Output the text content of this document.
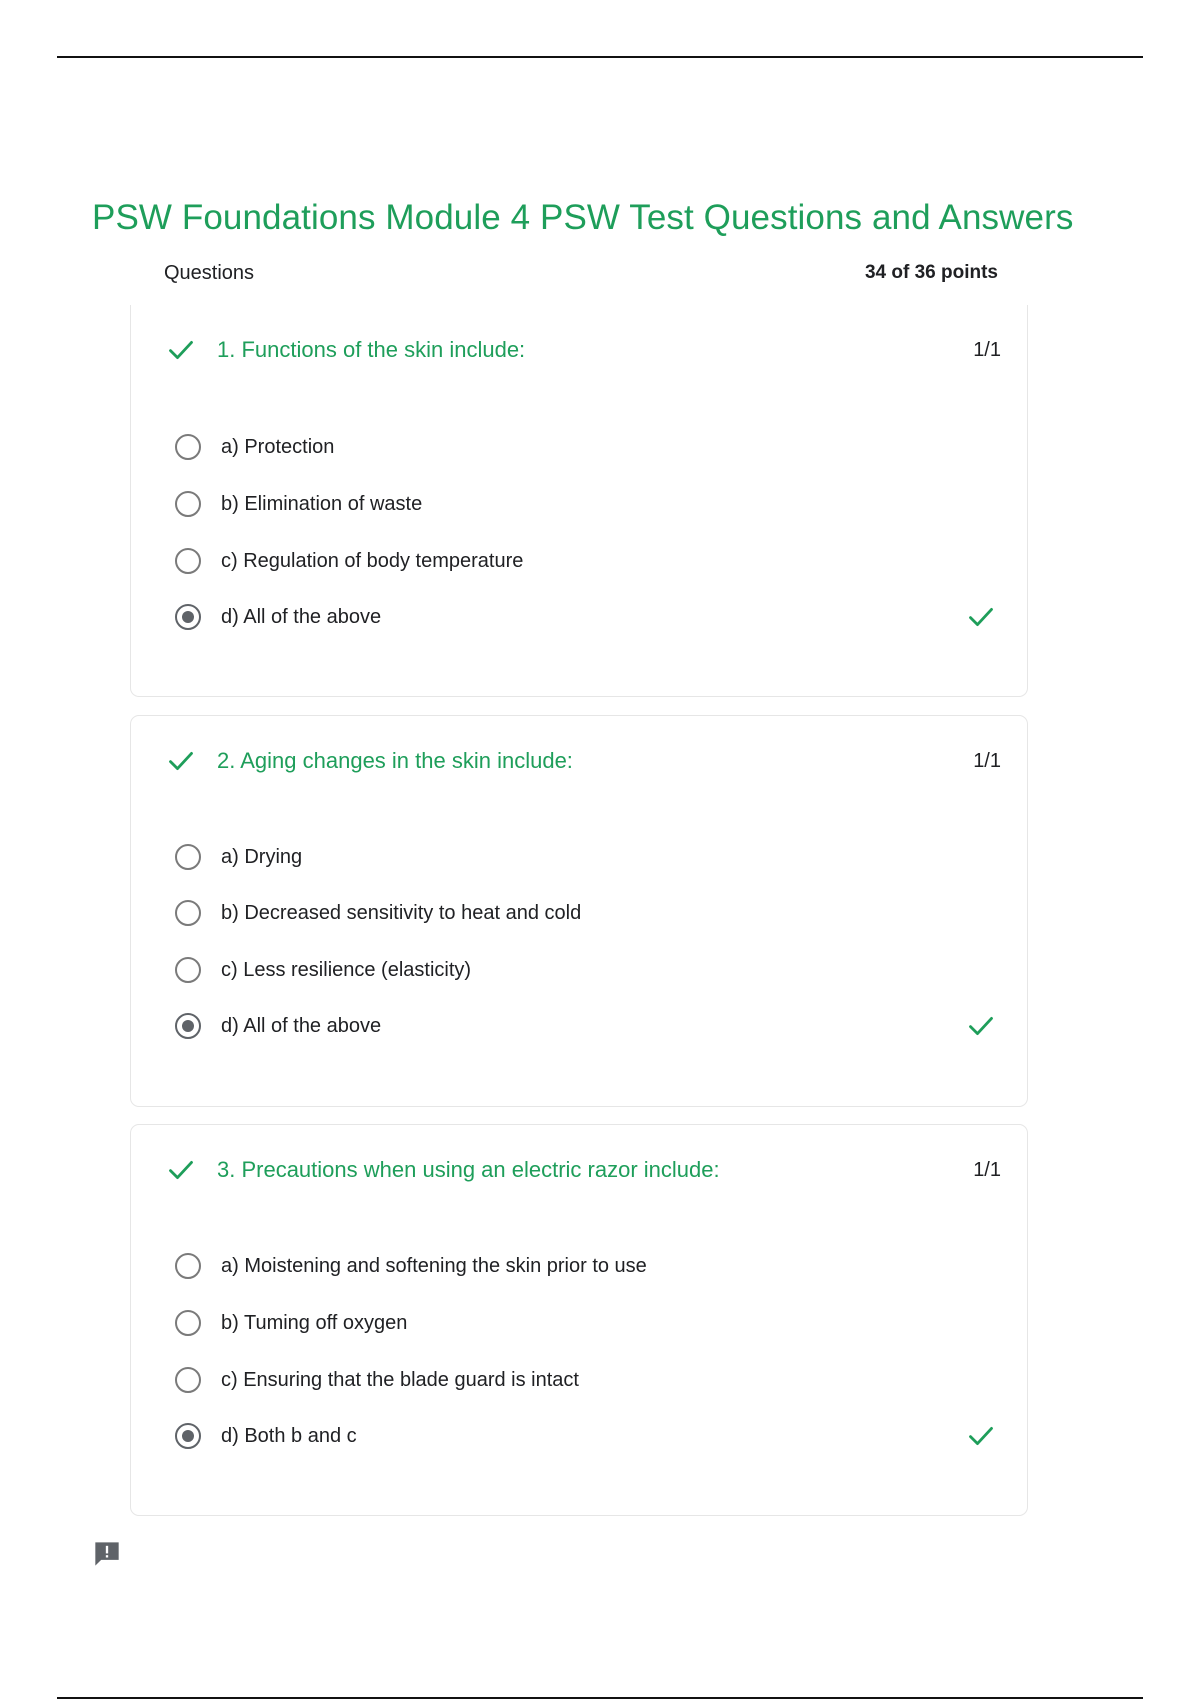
PSW Foundations Module 4 PSW Test Questions and Answers
Questions	34 of 36 points
1. Functions of the skin include:	1/1
a) Protection
b) Elimination of waste
c) Regulation of body temperature
d) All of the above
2. Aging changes in the skin include:	1/1
a) Drying
b) Decreased sensitivity to heat and cold
c) Less resilience (elasticity)
d) All of the above
3. Precautions when using an electric razor include:	1/1
a) Moistening and softening the skin prior to use
b) Tuming off oxygen
c) Ensuring that the blade guard is intact
d) Both b and c
